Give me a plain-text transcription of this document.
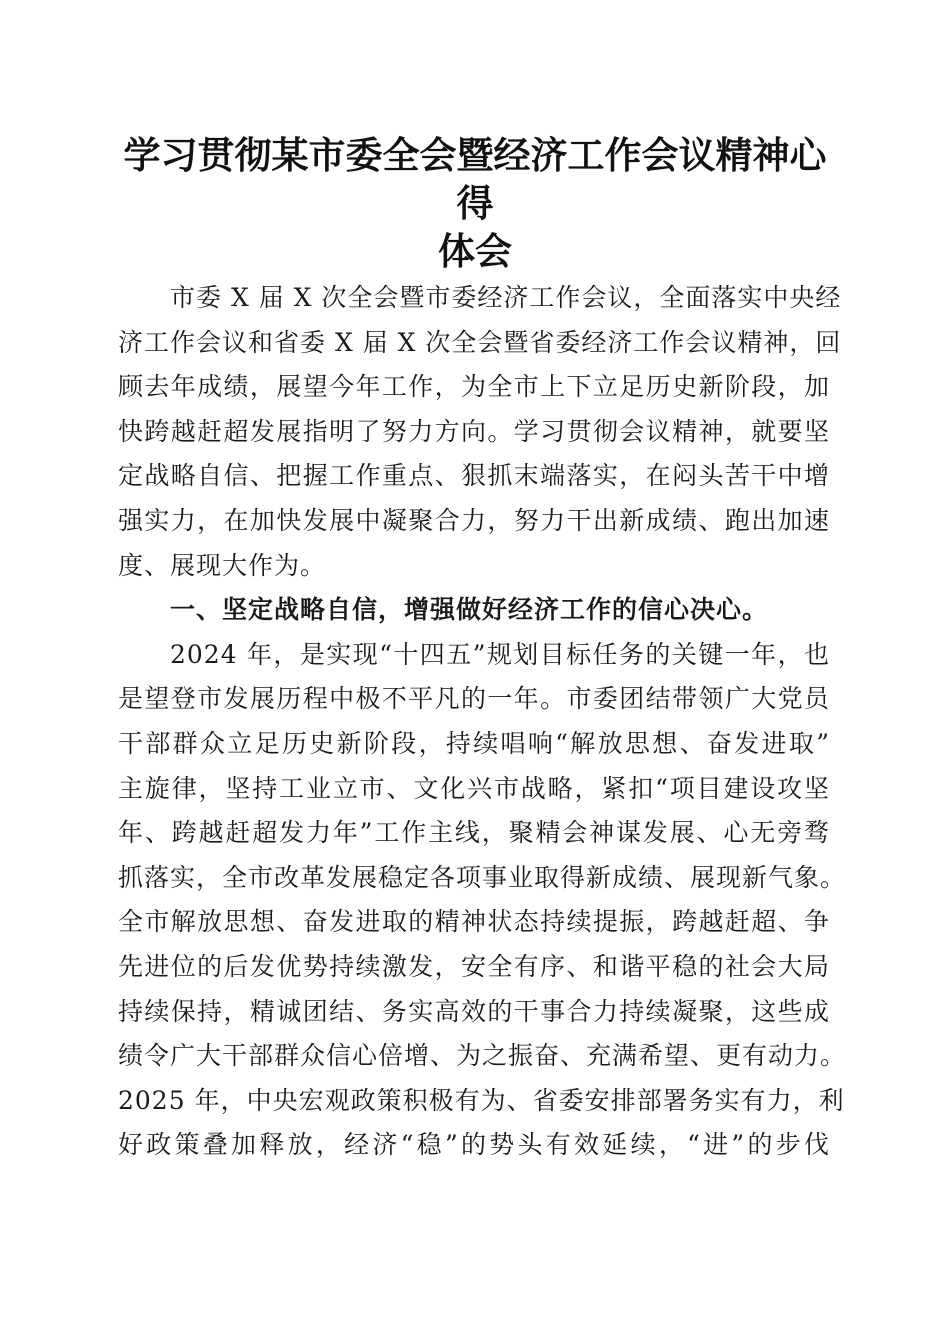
学习贯彻某市委全会暨经济工作会议精神心得
体会
市委 X 届 X 次全会暨市委经济工作会议，全面落实中央经
济工作会议和省委 X 届 X 次全会暨省委经济工作会议精神，回
顾去年成绩，展望今年工作，为全市上下立足历史新阶段，加
快跨越赶超发展指明了努力方向。学习贯彻会议精神，就要坚
定战略自信、把握工作重点、狠抓末端落实，在闷头苦干中增
强实力，在加快发展中凝聚合力，努力干出新成绩、跑出加速
度、展现大作为。
一、坚定战略自信，增强做好经济工作的信心决心。
2024 年，是实现“十四五”规划目标任务的关键一年，也
是望登市发展历程中极不平凡的一年。市委团结带领广大党员
干部群众立足历史新阶段，持续唱响“解放思想、奋发进取”
主旋律，坚持工业立市、文化兴市战略，紧扣“项目建设攻坚
年、跨越赶超发力年”工作主线，聚精会神谋发展、心无旁骛
抓落实，全市改革发展稳定各项事业取得新成绩、展现新气象。
全市解放思想、奋发进取的精神状态持续提振，跨越赶超、争
先进位的后发优势持续激发，安全有序、和谐平稳的社会大局
持续保持，精诚团结、务实高效的干事合力持续凝聚，这些成
绩令广大干部群众信心倍增、为之振奋、充满希望、更有动力。
2025 年，中央宏观政策积极有为、省委安排部署务实有力，利
好政策叠加释放，经济“稳”的势头有效延续，“进”的步伐
